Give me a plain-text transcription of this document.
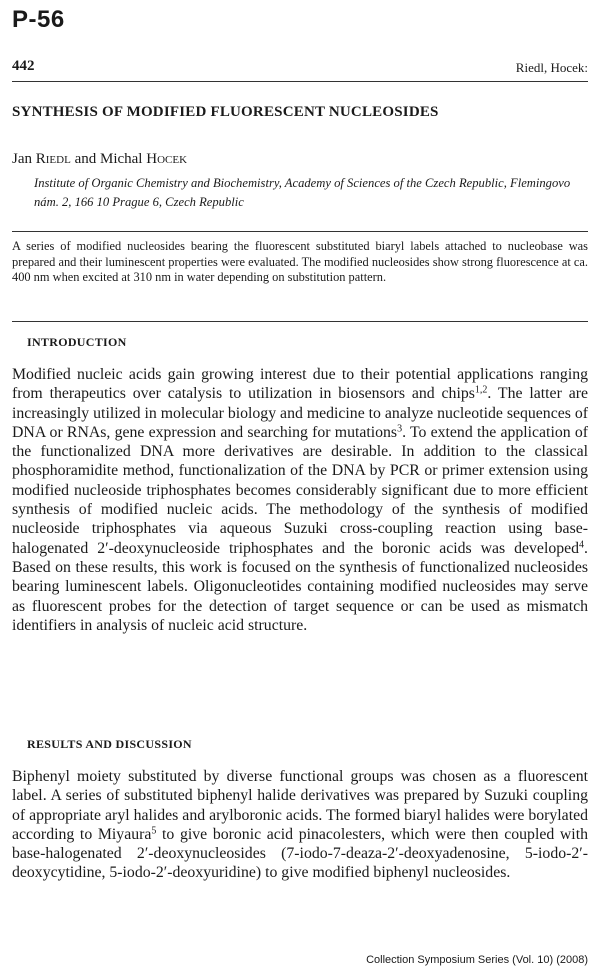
P-56
442	Riedl, Hocek:
SYNTHESIS OF MODIFIED FLUORESCENT NUCLEOSIDES
Jan Riedl and Michal Hocek
Institute of Organic Chemistry and Biochemistry, Academy of Sciences of the Czech Republic, Flemingovo nám. 2, 166 10 Prague 6, Czech Republic
A series of modified nucleosides bearing the fluorescent substituted biaryl labels attached to nucleobase was prepared and their luminescent properties were evaluated. The modified nucleosides show strong fluorescence at ca. 400 nm when excited at 310 nm in water depending on substitution pattern.
INTRODUCTION
Modified nucleic acids gain growing interest due to their potential applications ranging from therapeutics over catalysis to utilization in biosensors and chips$^{1,2}$. The latter are increasingly utilized in molecular biology and medicine to analyze nucleotide sequences of DNA or RNAs, gene expression and searching for mutations$^3$. To extend the application of the functionalized DNA more derivatives are desirable. In addition to the classical phosphoramidite method, functionalization of the DNA by PCR or primer extension using modified nucleoside triphosphates becomes considerably significant due to more efficient synthesis of modified nucleic acids. The methodology of the synthesis of modified nucleoside triphosphates via aqueous Suzuki cross-coupling reaction using base-halogenated 2′-deoxynucleoside triphosphates and the boronic acids was developed$^4$. Based on these results, this work is focused on the synthesis of functionalized nucleosides bearing luminescent labels. Oligonucleotides containing modified nucleosides may serve as fluorescent probes for the detection of target sequence or can be used as mismatch identifiers in analysis of nucleic acid structure.
RESULTS AND DISCUSSION
Biphenyl moiety substituted by diverse functional groups was chosen as a fluorescent label. A series of substituted biphenyl halide derivatives was prepared by Suzuki coupling of appropriate aryl halides and arylboronic acids. The formed biaryl halides were borylated according to Miyaura$^5$ to give boronic acid pinacolesters, which were then coupled with base-halogenated 2′-deoxynucleosides (7-iodo-7-deaza-2′-deoxyadenosine, 5-iodo-2′-deoxycytidine, 5-iodo-2′-deoxyuridine) to give modified biphenyl nucleosides.
Collection Symposium Series (Vol. 10) (2008)
